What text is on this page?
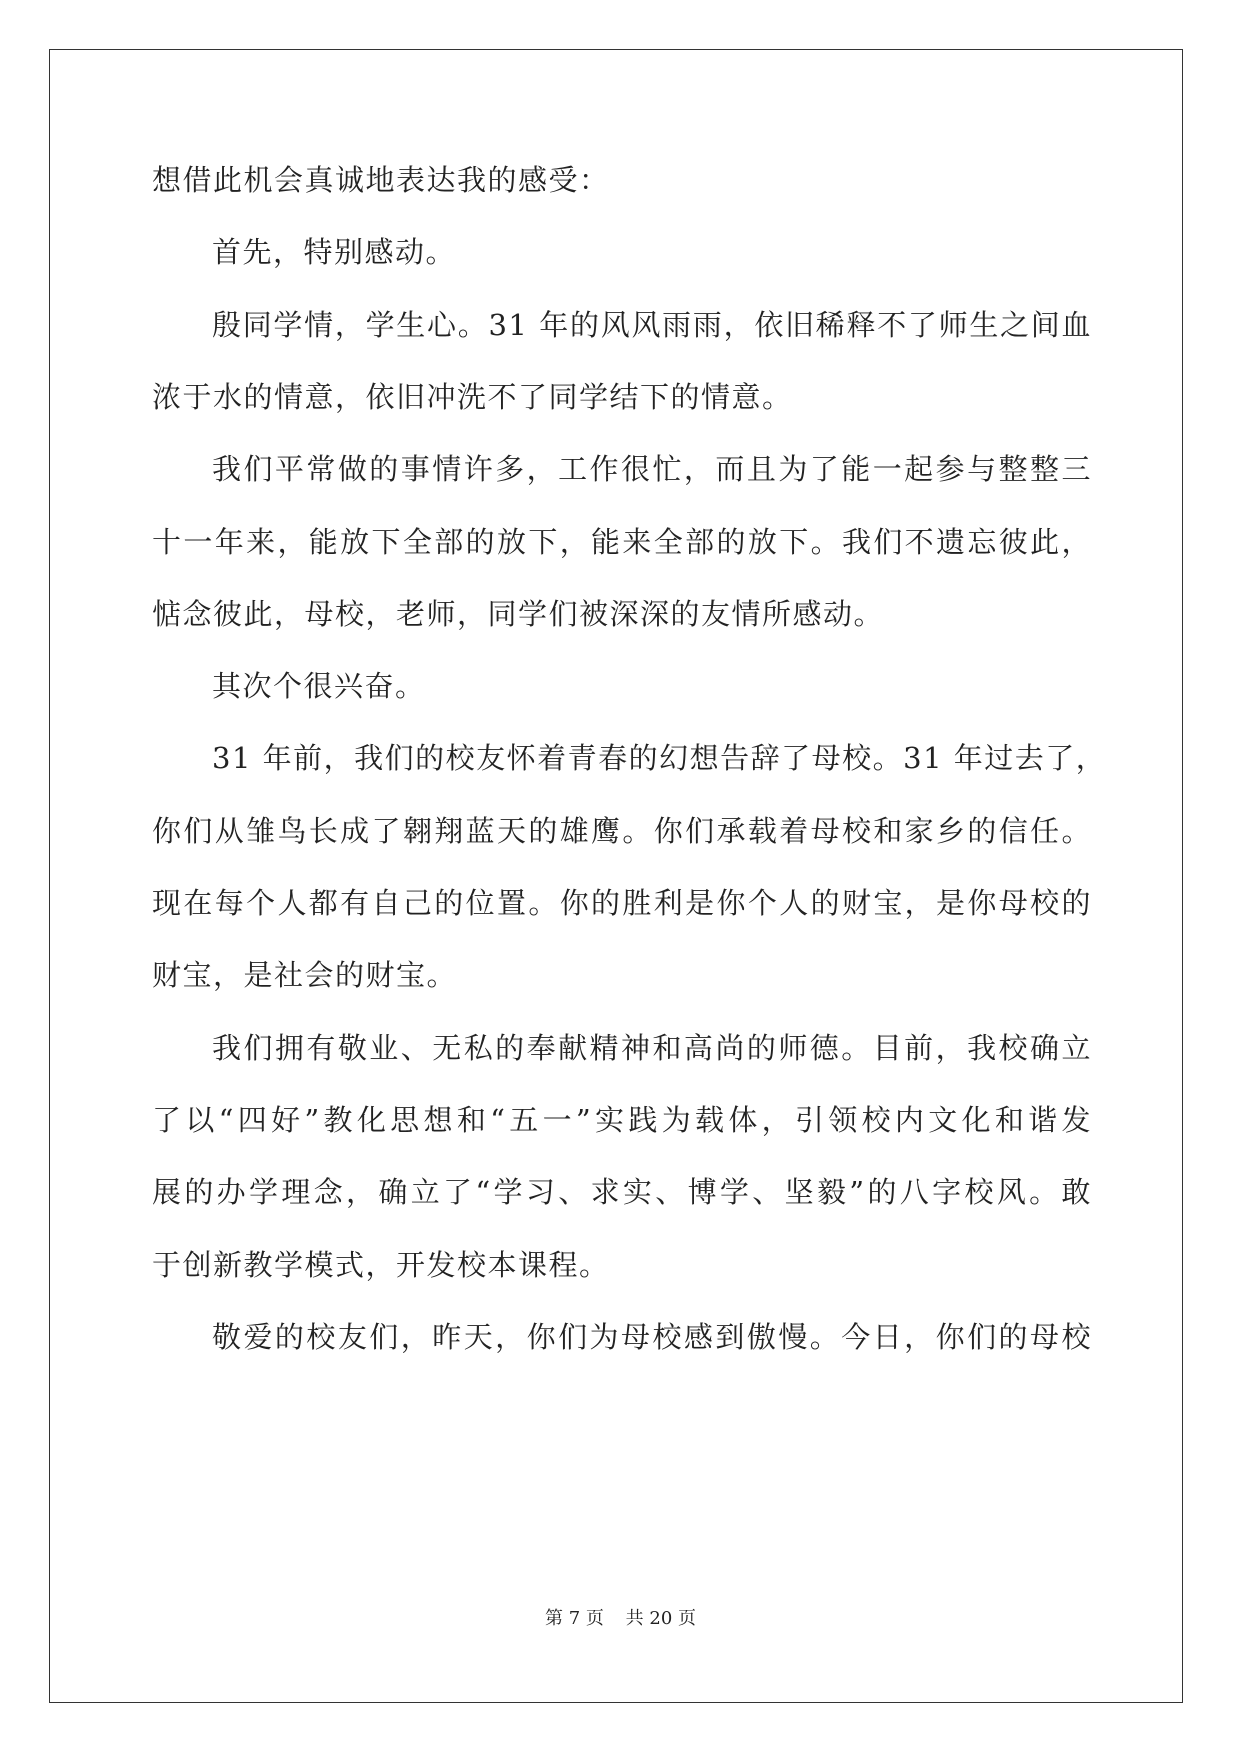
想借此机会真诚地表达我的感受：
首先，特别感动。
殷同学情，学生心。31 年的风风雨雨，依旧稀释不了师生之间血
浓于水的情意，依旧冲洗不了同学结下的情意。
我们平常做的事情许多，工作很忙，而且为了能一起参与整整三
十一年来，能放下全部的放下，能来全部的放下。我们不遗忘彼此，
惦念彼此，母校，老师，同学们被深深的友情所感动。
其次个很兴奋。
31 年前，我们的校友怀着青春的幻想告辞了母校。31 年过去了，
你们从雏鸟长成了翱翔蓝天的雄鹰。你们承载着母校和家乡的信任。
现在每个人都有自己的位置。你的胜利是你个人的财宝，是你母校的
财宝，是社会的财宝。
我们拥有敬业、无私的奉献精神和高尚的师德。目前，我校确立
了以“四好”教化思想和“五一”实践为载体，引领校内文化和谐发
展的办学理念，确立了“学习、求实、博学、坚毅”的八字校风。敢
于创新教学模式，开发校本课程。
敬爱的校友们，昨天，你们为母校感到傲慢。今日，你们的母校
第 7 页 共 20 页
